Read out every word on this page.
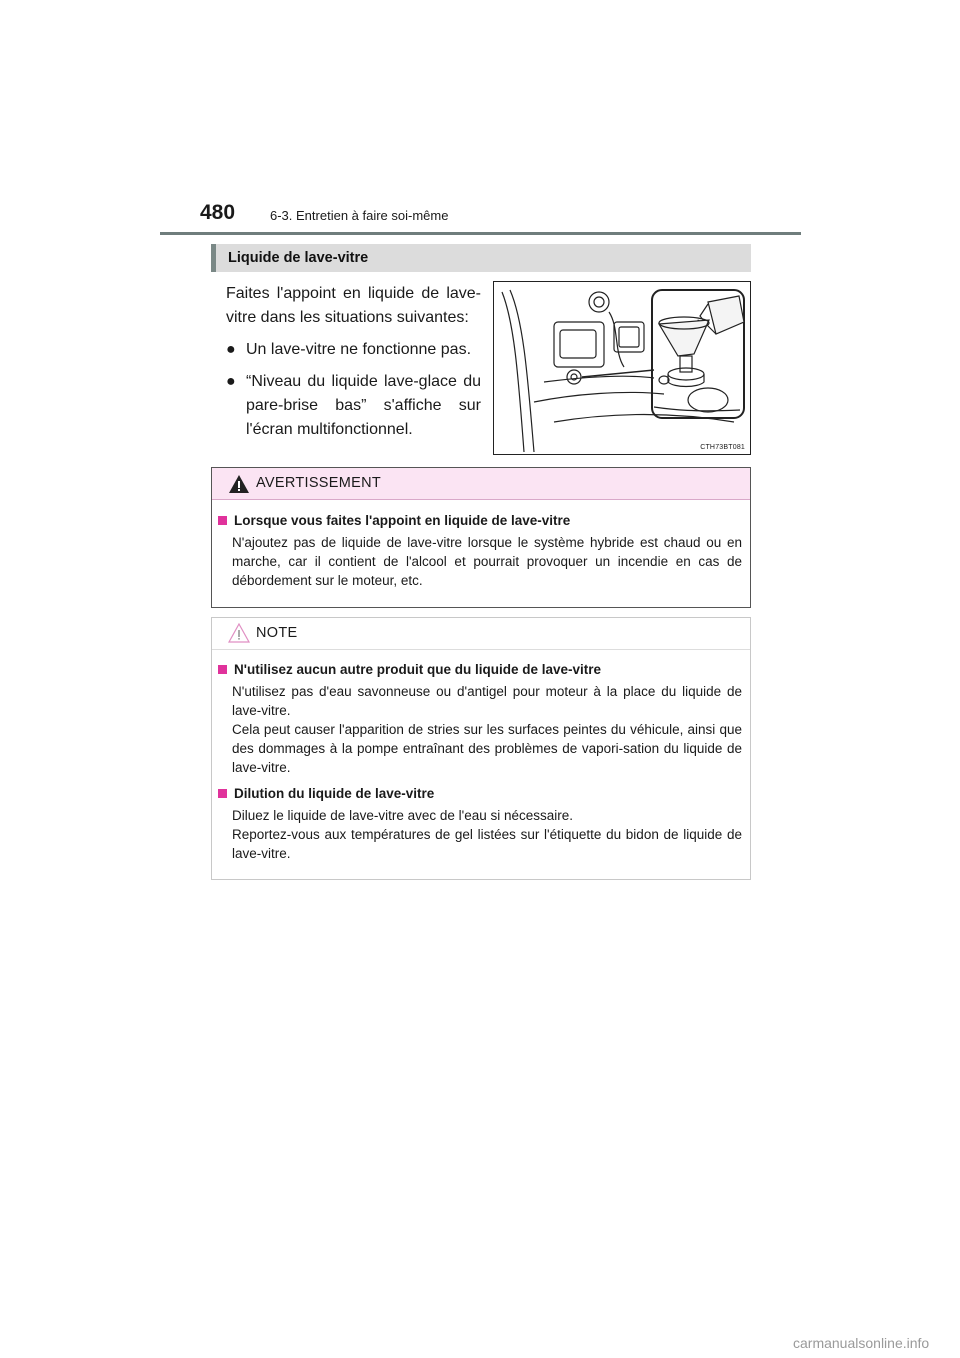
480	6-3. Entretien à faire soi-même
Liquide de lave-vitre

Faites l'appoint en liquide de lave-vitre dans les situations suivantes:

● Un lave-vitre ne fonctionne pas.
● “Niveau du liquide lave-glace du pare-brise bas” s'affiche sur l'écran multifonctionnel.
CTH73BT081
AVERTISSEMENT
Lorsque vous faites l'appoint en liquide de lave-vitre

N'ajoutez pas de liquide de lave-vitre lorsque le système hybride est chaud ou en marche, car il contient de l'alcool et pourrait provoquer un incendie en cas de débordement sur le moteur, etc.

NOTE
N'utilisez aucun autre produit que du liquide de lave-vitre

N'utilisez pas d'eau savonneuse ou d'antigel pour moteur à la place du liquide de lave-vitre.

Cela peut causer l'apparition de stries sur les surfaces peintes du véhicule, ainsi que des dommages à la pompe entraînant des problèmes de vapori-sation du liquide de lave-vitre.

Dilution du liquide de lave-vitre

Diluez le liquide de lave-vitre avec de l'eau si nécessaire.

Reportez-vous aux températures de gel listées sur l'étiquette du bidon de liquide de lave-vitre.

carmanualsonline.info
